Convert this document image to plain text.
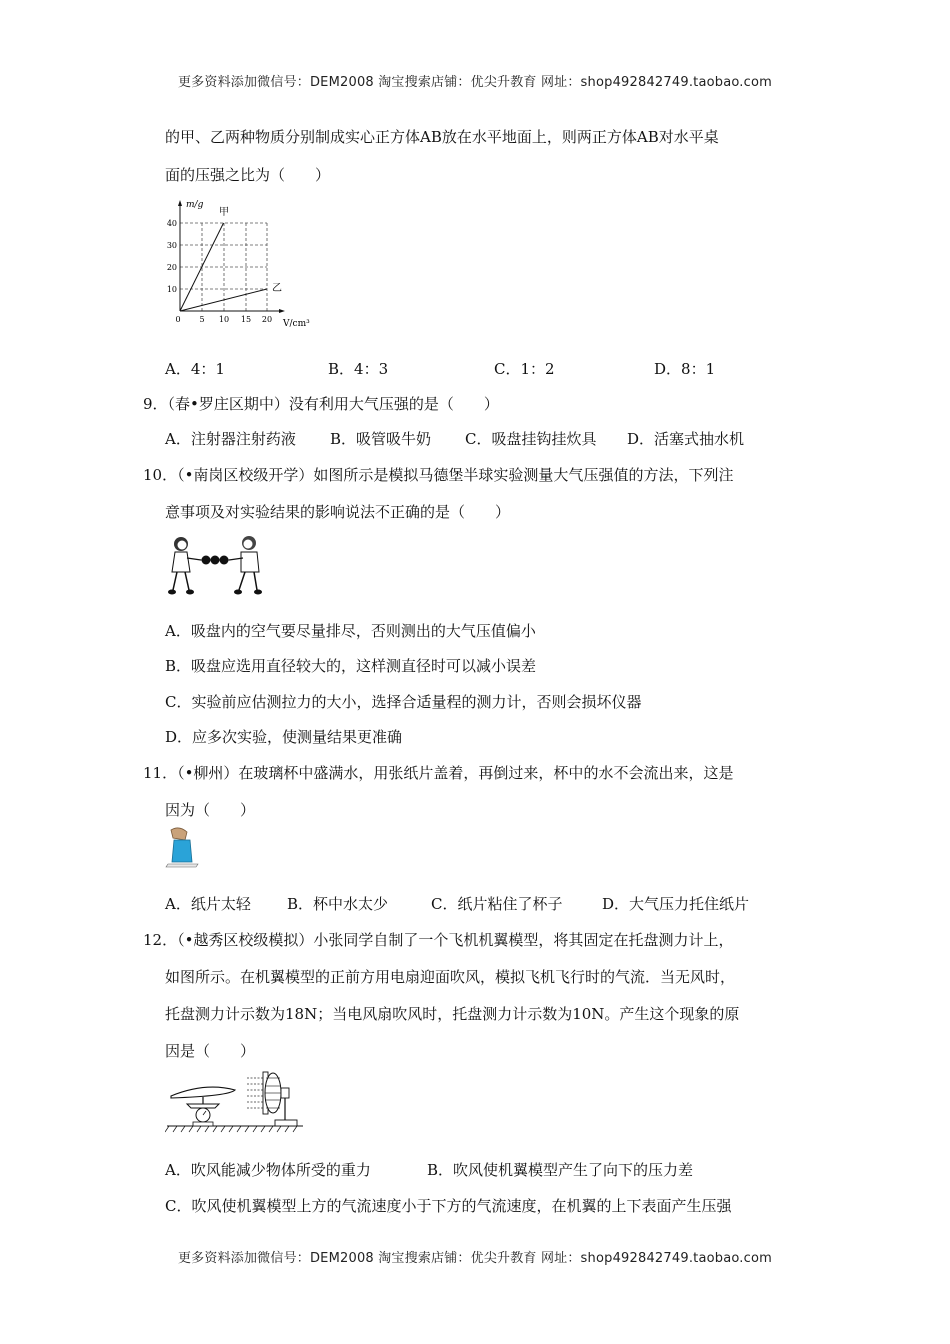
更多资料添加微信号：DEM2008 淘宝搜索店铺：优尖升教育 网址：shop492842749.taobao.com
的甲、乙两种物质分别制成实心正方体AB放在水平地面上，则两正方体AB对水平桌
面的压强之比为（　　）
m/g
甲
乙
40
30
20
10
0 5 10 15 20 V/cm³
A．4：1	B．4：3	C．1：2	D．8：1
9．（春•罗庄区期中）没有利用大气压强的是（　　）
A．注射器注射药液 B．吸管吸牛奶 C．吸盘挂钩挂炊具 D．活塞式抽水机
10．（•南岗区校级开学）如图所示是模拟马德堡半球实验测量大气压强值的方法，下列注
意事项及对实验结果的影响说法不正确的是（　　）
A．吸盘内的空气要尽量排尽，否则测出的大气压值偏小
B．吸盘应选用直径较大的，这样测直径时可以减小误差
C．实验前应估测拉力的大小，选择合适量程的测力计，否则会损坏仪器
D．应多次实验，使测量结果更准确
11．（•柳州）在玻璃杯中盛满水，用张纸片盖着，再倒过来，杯中的水不会流出来，这是
因为（　　）
A．纸片太轻 B．杯中水太少	C．纸片粘住了杯子	D．大气压力托住纸片
12．（•越秀区校级模拟）小张同学自制了一个飞机机翼模型，将其固定在托盘测力计上，
如图所示。在机翼模型的正前方用电扇迎面吹风，模拟飞机飞行时的气流．当无风时，
托盘测力计示数为18N；当电风扇吹风时，托盘测力计示数为10N。产生这个现象的原
因是（　　）
A．吹风能减少物体所受的重力	B．吹风使机翼模型产生了向下的压力差
C．吹风使机翼模型上方的气流速度小于下方的气流速度，在机翼的上下表面产生压强
更多资料添加微信号：DEM2008 淘宝搜索店铺：优尖升教育 网址：shop492842749.taobao.com
